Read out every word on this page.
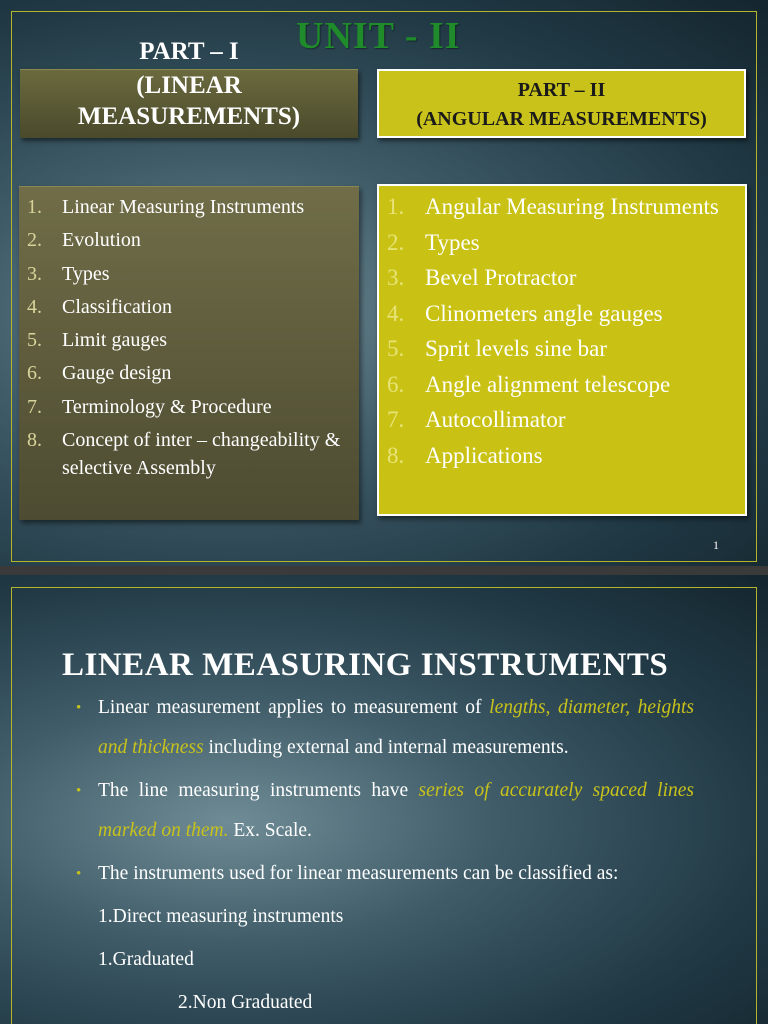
UNIT - II
PART – I
(LINEAR
MEASUREMENTS)
PART – II
(ANGULAR MEASUREMENTS)
1.	Linear Measuring Instruments
2.	Evolution
3.	Types
4.	Classification
5.	Limit gauges
6.	Gauge design
7.	Terminology & Procedure
8.	Concept of inter – changeability & selective Assembly
1. Angular Measuring Instruments
2. Types
3. Bevel Protractor
4. Clinometers angle gauges
5. Sprit levels sine bar
6. Angle alignment telescope
7. Autocollimator
8. Applications

1

LINEAR MEASURING INSTRUMENTS
• Linear measurement applies to measurement of lengths, diameter, heights and thickness including external and internal measurements.
• The line measuring instruments have series of accurately spaced lines marked on them. Ex. Scale.
• The instruments used for linear measurements can be classified as:
1.Direct measuring instruments
1.Graduated
2.Non Graduated
